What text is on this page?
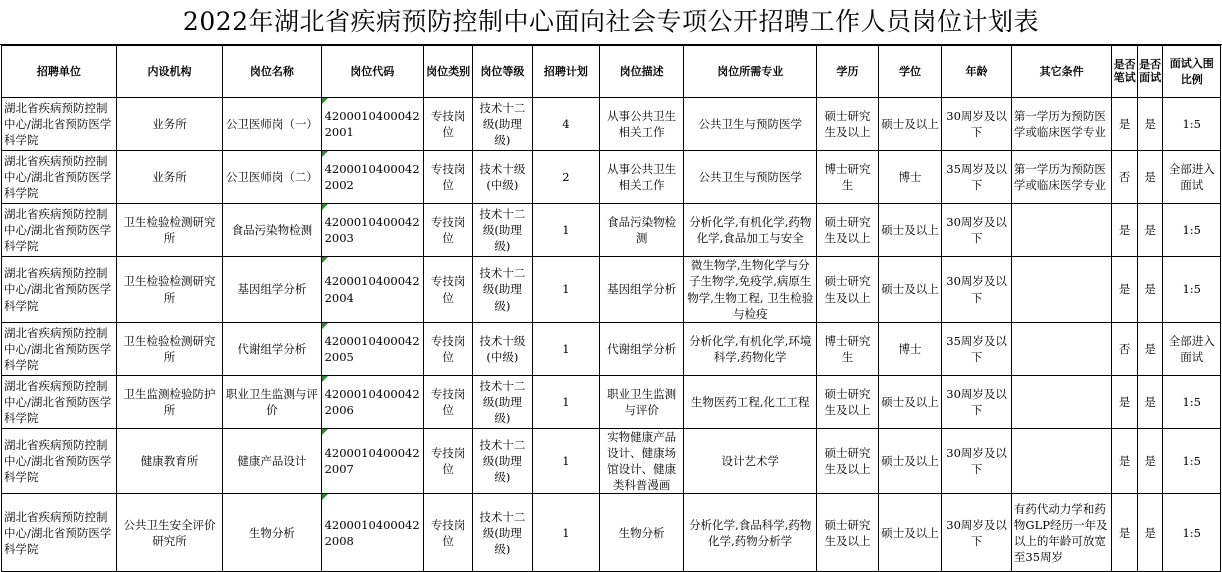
2022年湖北省疾病预防控制中心面向社会专项公开招聘工作人员岗位计划表
招聘单位	内设机构	岗位名称	岗位代码	岗位类别	岗位等级	招聘计划	岗位描述	岗位所需专业	学历	学位	年龄	其它条件	是否笔试	是否面试	面试入围比例
湖北省疾病预防控制中心/湖北省预防医学科学院	业务所	公卫医师岗（一）	42000104000422001	专技岗位	技术十二级(助理级)	4	从事公共卫生相关工作	公共卫生与预防医学	硕士研究生及以上	硕士及以上	30周岁及以下	第一学历为预防医学或临床医学专业	是	是	1:5
湖北省疾病预防控制中心/湖北省预防医学科学院	业务所	公卫医师岗（二）	42000104000422002	专技岗位	技术十级(中级)	2	从事公共卫生相关工作	公共卫生与预防医学	博士研究生	博士	35周岁及以下	第一学历为预防医学或临床医学专业	否	是	全部进入面试
湖北省疾病预防控制中心/湖北省预防医学科学院	卫生检验检测研究所	食品污染物检测	42000104000422003	专技岗位	技术十二级(助理级)	1	食品污染物检测	分析化学,有机化学,药物化学,食品加工与安全	硕士研究生及以上	硕士及以上	30周岁及以下		是	是	1:5
湖北省疾病预防控制中心/湖北省预防医学科学院	卫生检验检测研究所	基因组学分析	42000104000422004	专技岗位	技术十二级(助理级)	1	基因组学分析	微生物学,生物化学与分子生物学,免疫学,病原生物学,生物工程, 卫生检验与检疫	硕士研究生及以上	硕士及以上	30周岁及以下		是	是	1:5
湖北省疾病预防控制中心/湖北省预防医学科学院	卫生检验检测研究所	代谢组学分析	42000104000422005	专技岗位	技术十级(中级)	1	代谢组学分析	分析化学,有机化学,环境科学,药物化学	博士研究生	博士	35周岁及以下		否	是	全部进入面试
湖北省疾病预防控制中心/湖北省预防医学科学院	卫生监测检验防护所	职业卫生监测与评价	42000104000422006	专技岗位	技术十二级(助理级)	1	职业卫生监测与评价	生物医药工程,化工工程	硕士研究生及以上	硕士及以上	30周岁及以下		是	是	1:5
湖北省疾病预防控制中心/湖北省预防医学科学院	健康教育所	健康产品设计	42000104000422007	专技岗位	技术十二级(助理级)	1	实物健康产品设计、健康场馆设计、健康类科普漫画	设计艺术学	硕士研究生及以上	硕士及以上	30周岁及以下		是	是	1:5
湖北省疾病预防控制中心/湖北省预防医学科学院	公共卫生安全评价研究所	生物分析	42000104000422008	专技岗位	技术十二级(助理级)	1	生物分析	分析化学,食品科学,药物化学,药物分析学	硕士研究生及以上	硕士及以上	30周岁及以下	有药代动力学和药物GLP经历一年及以上的年龄可放宽至35周岁	是	是	1:5
